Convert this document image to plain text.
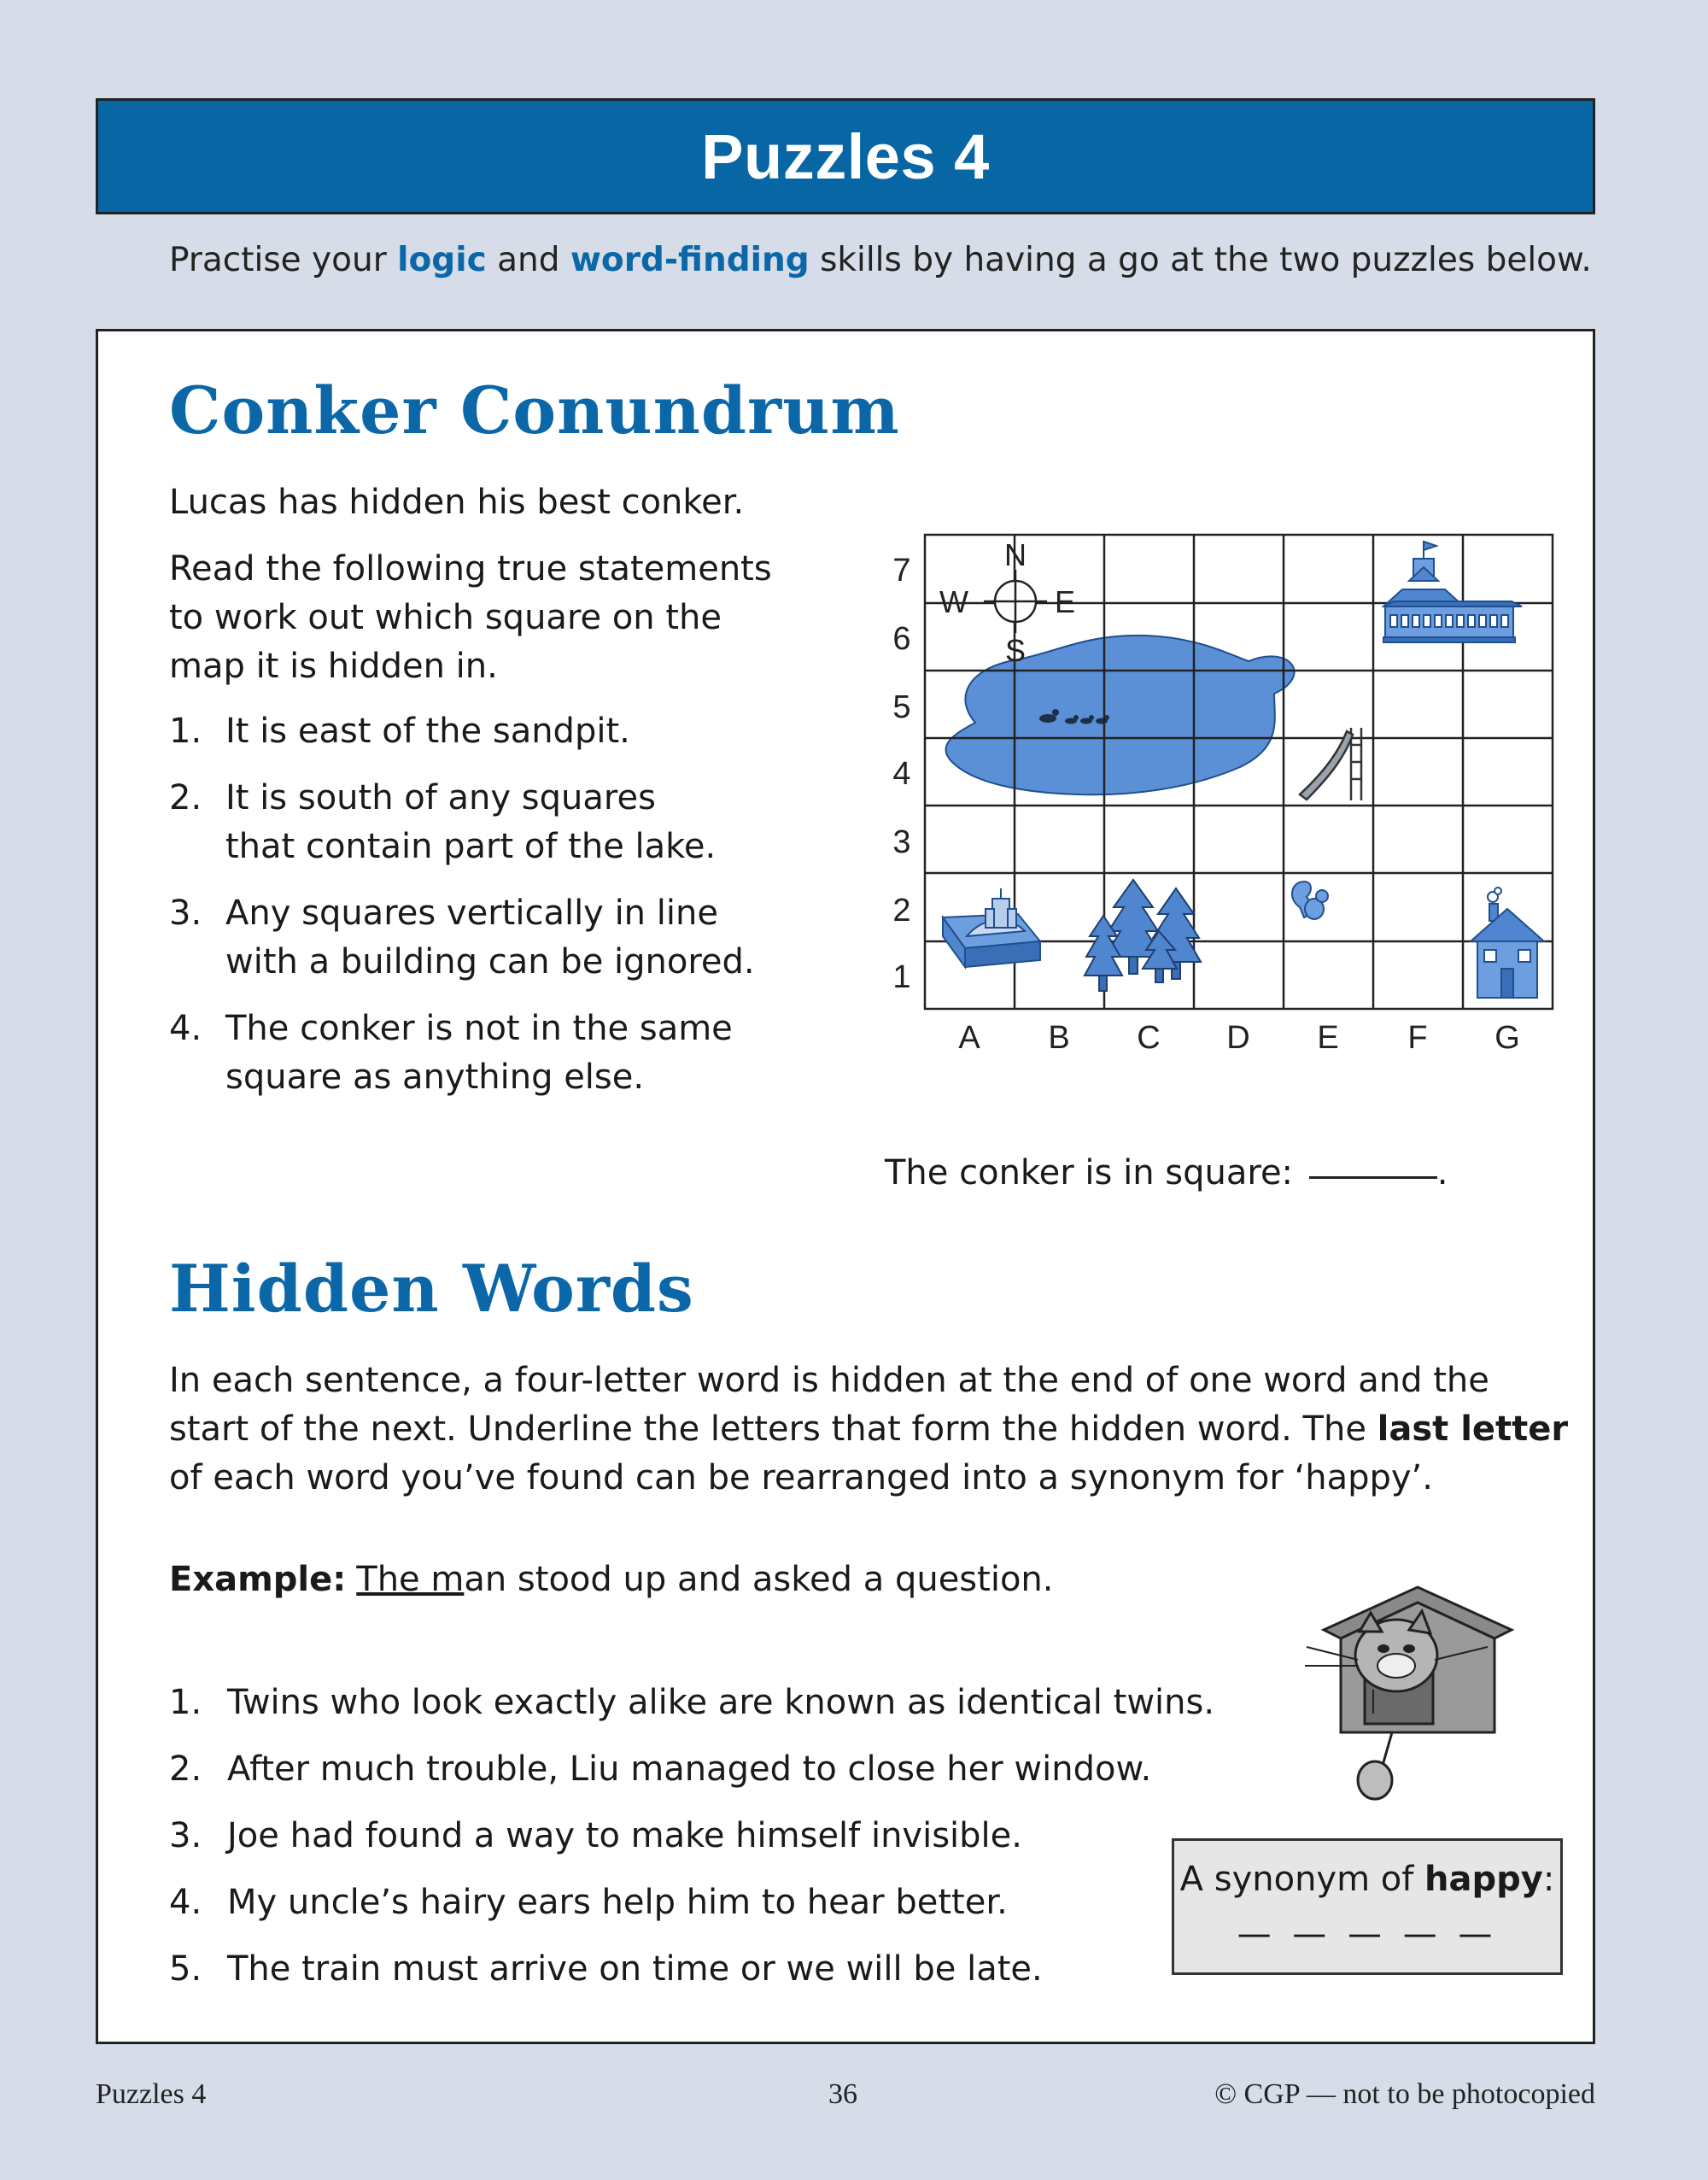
Puzzles 4
Practise your logic and word-finding skills by having a go at the two puzzles below.
Conker Conundrum
Lucas has hidden his best conker.
Read the following true statements
to work out which square on the
map it is hidden in.
1. It is east of the sandpit.
2. It is south of any squares
that contain part of the lake.
3. Any squares vertically in line
with a building can be ignored.
4. The conker is not in the same
square as anything else.
N
S
E
W
7
6
5
4
3
2
1
A B C D E F G
The conker is in square:	.
Hidden Words
In each sentence, a four-letter word is hidden at the end of one word and the start of the next. Underline the letters that form the hidden word. The last letter of each word you’ve found can be rearranged into a synonym for ‘happy’.
Example: The man stood up and asked a question.
1. Twins who look exactly alike are known as identical twins.
2. After much trouble, Liu managed to close her window.
3. Joe had found a way to make himself invisible.
4. My uncle’s hairy ears help him to hear better.
5. The train must arrive on time or we will be late.
A synonym of happy:
— — — — —
Puzzles 4	36	© CGP — not to be photocopied
